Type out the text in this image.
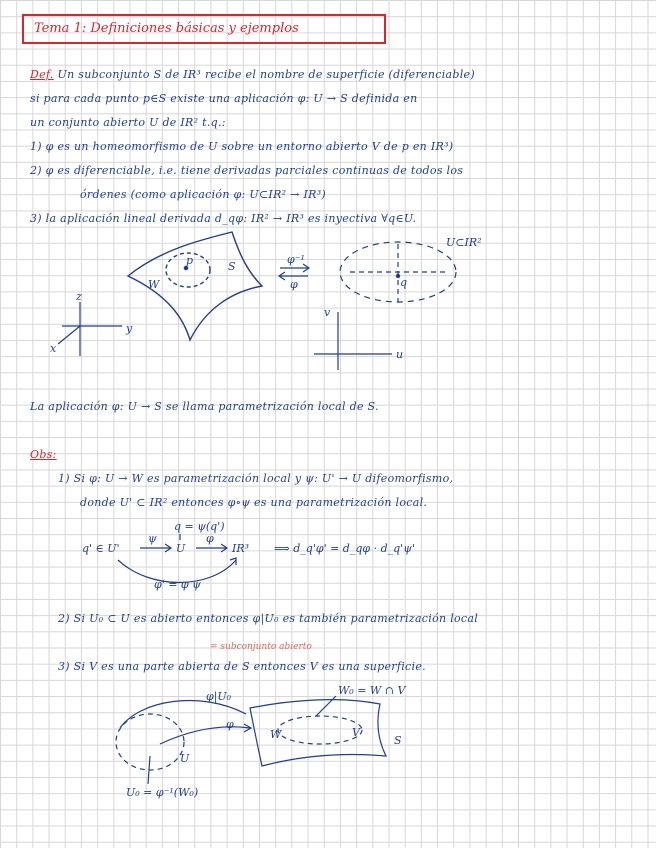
Tema 1: Definiciones básicas y ejemplos
Def. Un subconjunto S de IR³ recibe el nombre de superficie (diferenciable)
si para cada punto p∈S existe una aplicación φ: U → S definida en
un conjunto abierto U de IR² t.q.:
1) φ es un homeomorfismo de U sobre un entorno abierto V de p en IR³)
2) φ es diferenciable, i.e. tiene derivadas parciales continuas de todos los
órdenes (como aplicación φ: U⊂IR² → IR³)
3) la aplicación lineal derivada d_qφ: IR² → IR³ es inyectiva ∀q∈U.
La aplicación φ: U → S se llama parametrización local de S.
Obs:
1) Si φ: U → W es parametrización local y ψ: U' → U difeomorfismo,
donde U' ⊂ IR² entonces φ∘ψ es una parametrización local.
2) Si U₀ ⊂ U es abierto entonces φ|U₀ es también parametrización local
= subconjunto abierto
3) Si V es una parte abierta de S entonces V es una superficie.
S
W
p
z
y
x
φ⁻¹
φ
U⊂IR²
q
v
u
q' ∈ U'
ψ
U
φ
IR³
q = ψ(q')
φ' = φ ψ
⟹ d_q'φ' = d_qφ · d_q'ψ'
φ|U₀
φ
W	V
S
U
W₀ = W ∩ V
U₀ = φ⁻¹(W₀)
